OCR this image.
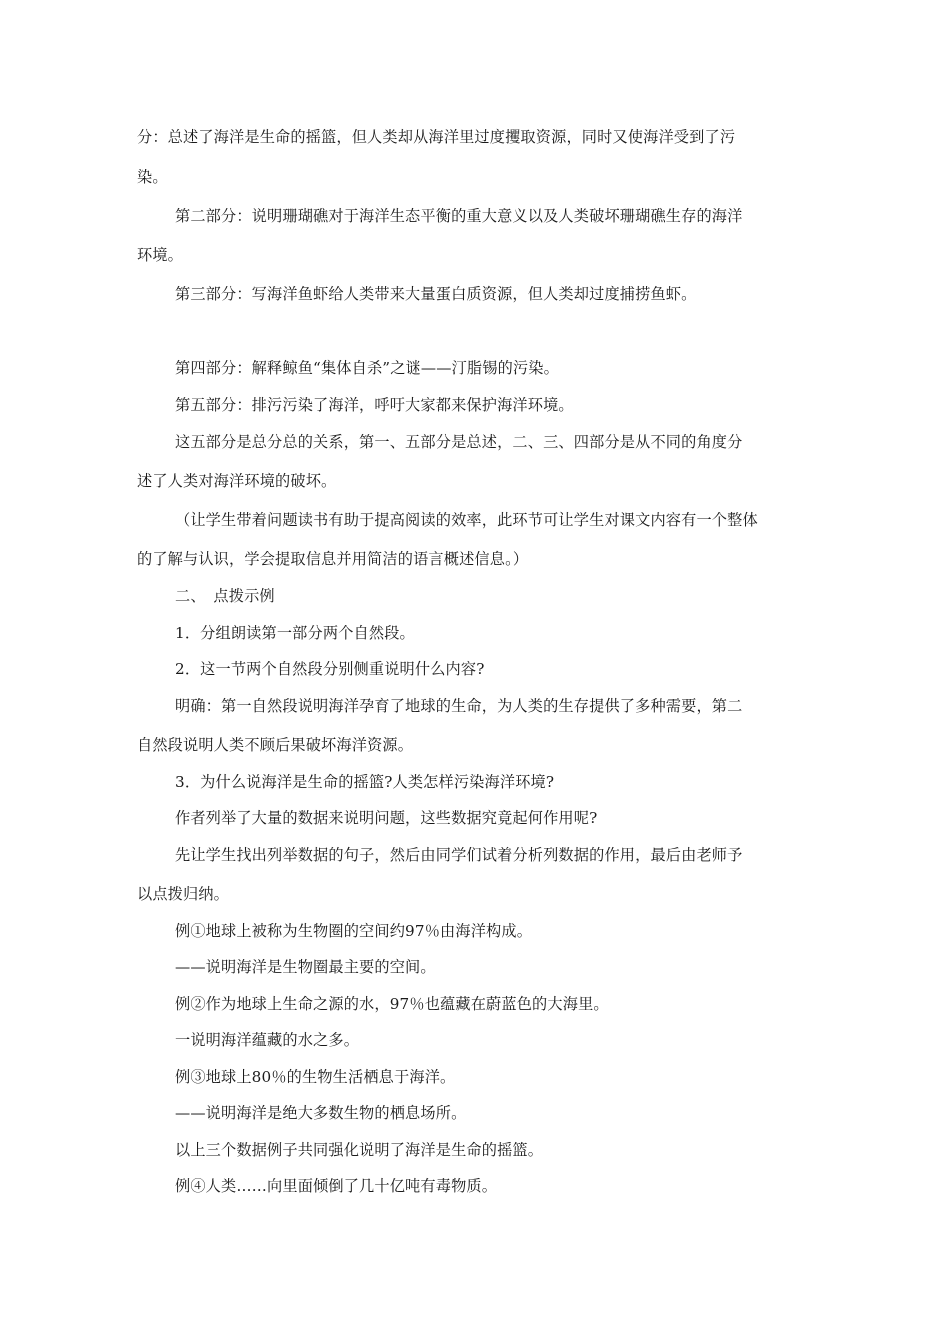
分：总述了海洋是生命的摇篮，但人类却从海洋里过度攫取资源，同时又使海洋受到了污

染。

第二部分：说明珊瑚礁对于海洋生态平衡的重大意义以及人类破坏珊瑚礁生存的海洋

环境。

第三部分：写海洋鱼虾给人类带来大量蛋白质资源，但人类却过度捕捞鱼虾。

第四部分：解释鲸鱼“集体自杀”之谜——汀脂锡的污染。

第五部分：排污污染了海洋，呼吁大家都来保护海洋环境。

这五部分是总分总的关系，第一、五部分是总述，二、三、四部分是从不同的角度分

述了人类对海洋环境的破坏。

（让学生带着问题读书有助于提高阅读的效率，此环节可让学生对课文内容有一个整体

的了解与认识，学会提取信息并用简洁的语言概述信息。）

二、　点拨示例

1．分组朗读第一部分两个自然段。

2．这一节两个自然段分别侧重说明什么内容?

明确：第一自然段说明海洋孕育了地球的生命，为人类的生存提供了多种需要，第二

自然段说明人类不顾后果破坏海洋资源。

3．为什么说海洋是生命的摇篮?人类怎样污染海洋环境?

作者列举了大量的数据来说明问题，这些数据究竟起何作用呢?

先让学生找出列举数据的句子，然后由同学们试着分析列数据的作用，最后由老师予

以点拨归纳。

例①地球上被称为生物圈的空间约97％由海洋构成。

——说明海洋是生物圈最主要的空间。

例②作为地球上生命之源的水，97％也蕴藏在蔚蓝色的大海里。

一说明海洋蕴藏的水之多。

例③地球上80％的生物生活栖息于海洋。

——说明海洋是绝大多数生物的栖息场所。

以上三个数据例子共同强化说明了海洋是生命的摇篮。

例④人类……向里面倾倒了几十亿吨有毒物质。
